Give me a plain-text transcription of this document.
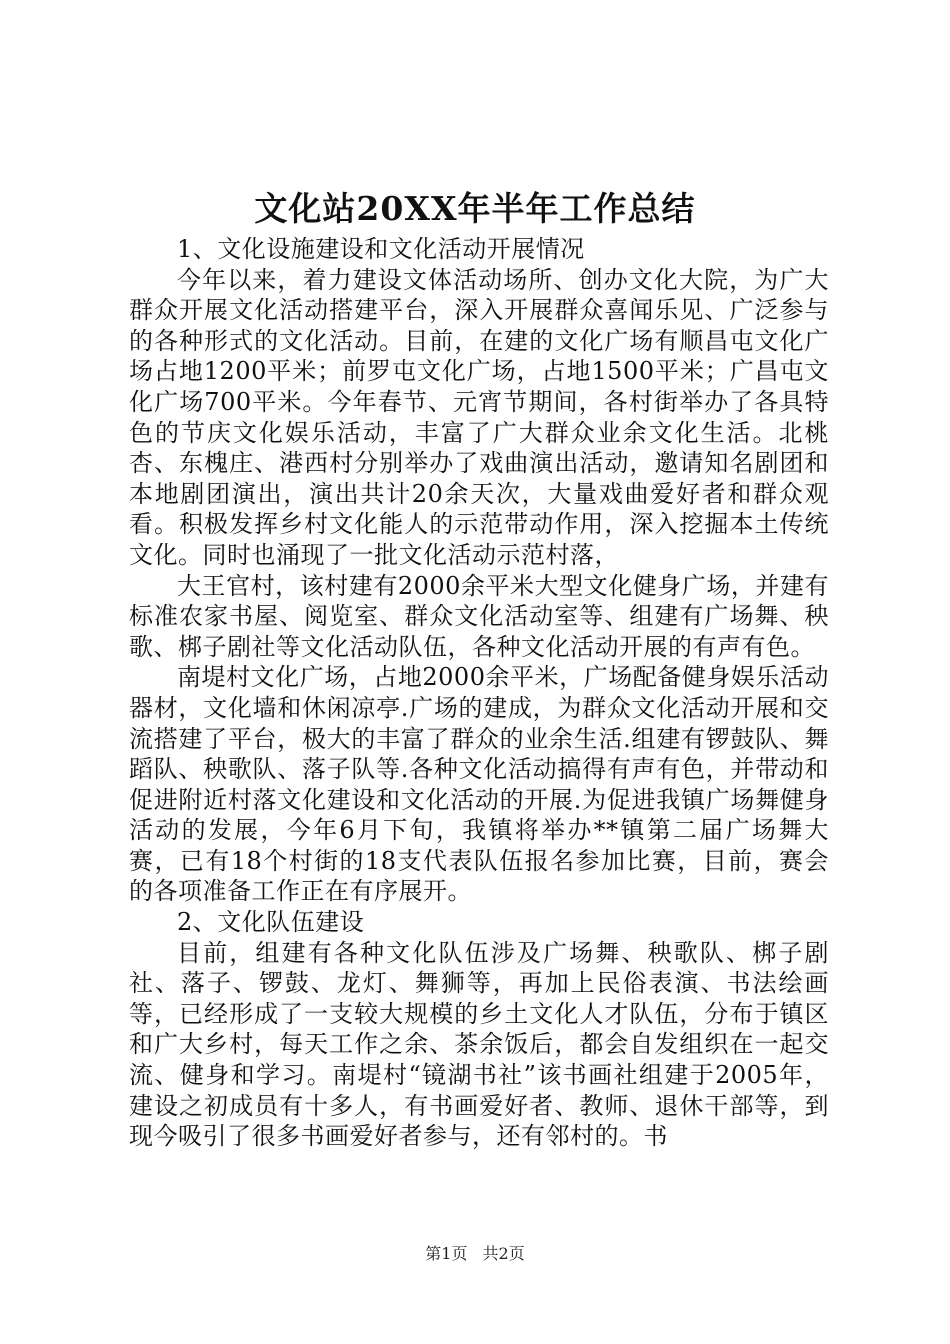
文化站20XX年半年工作总结

1、文化设施建设和文化活动开展情况

今年以来，着力建设文体活动场所、创办文化大院，为广大群众开展文化活动搭建平台，深入开展群众喜闻乐见、广泛参与的各种形式的文化活动。目前，在建的文化广场有顺昌屯文化广场占地1200平米；前罗屯文化广场，占地1500平米；广昌屯文化广场700平米。今年春节、元宵节期间，各村街举办了各具特色的节庆文化娱乐活动，丰富了广大群众业余文化生活。北桃杏、东槐庄、港西村分别举办了戏曲演出活动，邀请知名剧团和本地剧团演出，演出共计20余天次，大量戏曲爱好者和群众观看。积极发挥乡村文化能人的示范带动作用，深入挖掘本土传统文化。同时也涌现了一批文化活动示范村落，

大王官村，该村建有2000余平米大型文化健身广场，并建有标准农家书屋、阅览室、群众文化活动室等、组建有广场舞、秧歌、梆子剧社等文化活动队伍，各种文化活动开展的有声有色。

南堤村文化广场，占地2000余平米，广场配备健身娱乐活动器材，文化墙和休闲凉亭.广场的建成，为群众文化活动开展和交流搭建了平台，极大的丰富了群众的业余生活.组建有锣鼓队、舞蹈队、秧歌队、落子队等.各种文化活动搞得有声有色，并带动和促进附近村落文化建设和文化活动的开展.为促进我镇广场舞健身活动的发展，今年6月下旬，我镇将举办**镇第二届广场舞大赛，已有18个村街的18支代表队伍报名参加比赛，目前，赛会的各项准备工作正在有序展开。

2、文化队伍建设

目前，组建有各种文化队伍涉及广场舞、秧歌队、梆子剧社、落子、锣鼓、龙灯、舞狮等，再加上民俗表演、书法绘画等，已经形成了一支较大规模的乡土文化人才队伍，分布于镇区和广大乡村，每天工作之余、茶余饭后，都会自发组织在一起交流、健身和学习。南堤村“镜湖书社”该书画社组建于2005年，建设之初成员有十多人，有书画爱好者、教师、退休干部等，到现今吸引了很多书画爱好者参与，还有邻村的。书

第1页 共2页
